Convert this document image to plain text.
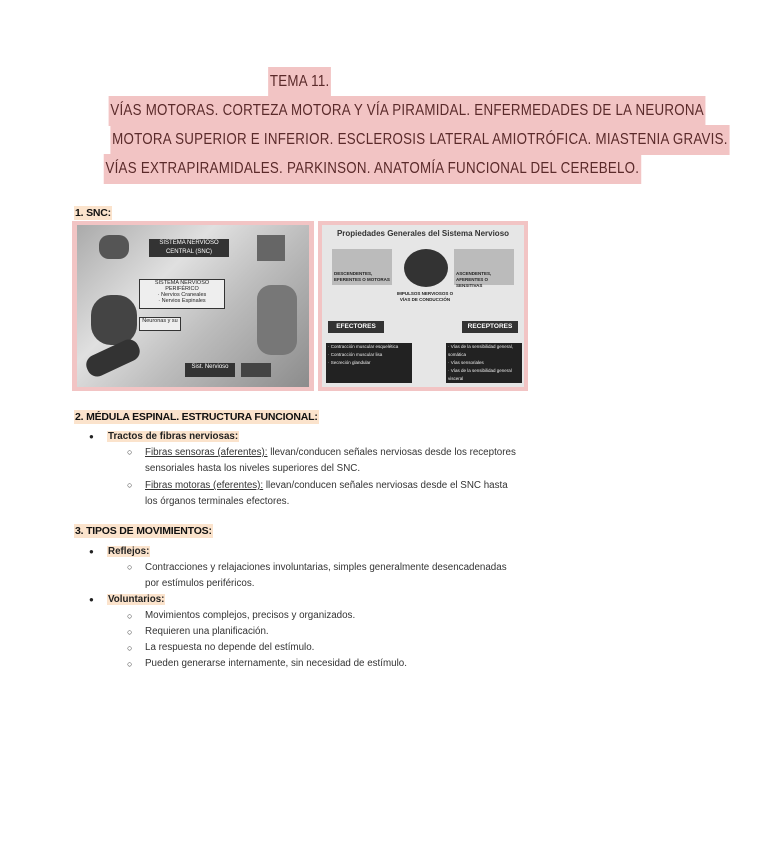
TEMA 11.
VÍAS MOTORAS. CORTEZA MOTORA Y VÍA PIRAMIDAL. ENFERMEDADES DE LA NEURONA
MOTORA SUPERIOR E INFERIOR. ESCLEROSIS LATERAL AMIOTRÓFICA. MIASTENIA GRAVIS.
VÍAS EXTRAPIRAMIDALES. PARKINSON. ANATOMÍA FUNCIONAL DEL CEREBELO.
1. SNC:
SISTEMA NERVIOSO CENTRAL (SNC)
SISTEMA NERVIOSO PERIFÉRICO
· Nervios Craneales
· Nervios Espinales
Neuronas y su
Sist. Nervioso
Propiedades Generales del Sistema Nervioso
DESCENDENTES, EFERENTES O MOTORAS
ASCENDENTES, AFERENTES O SENSITIVAS
IMPULSOS NERVIOSOS O VÍAS DE CONDUCCIÓN
EFECTORES	RECEPTORES
· Contracción muscular esquelética
· Contracción muscular lisa
· Secreción glandular
· Vías de la sensibilidad general, somática
· Vías sensoriales
· Vías de la sensibilidad general visceral
2. MÉDULA ESPINAL. ESTRUCTURA FUNCIONAL:
● Tractos de fibras nerviosas:
○ Fibras sensoras (aferentes): llevan/conducen señales nerviosas desde los receptores
sensoriales hasta los niveles superiores del SNC.
○ Fibras motoras (eferentes): llevan/conducen señales nerviosas desde el SNC hasta
los órganos terminales efectores.
3. TIPOS DE MOVIMIENTOS:
● Reflejos:
○ Contracciones y relajaciones involuntarias, simples generalmente desencadenadas
por estímulos periféricos.
● Voluntarios:
○ Movimientos complejos, precisos y organizados.
○ Requieren una planificación.
○ La respuesta no depende del estímulo.
○ Pueden generarse internamente, sin necesidad de estímulo.
